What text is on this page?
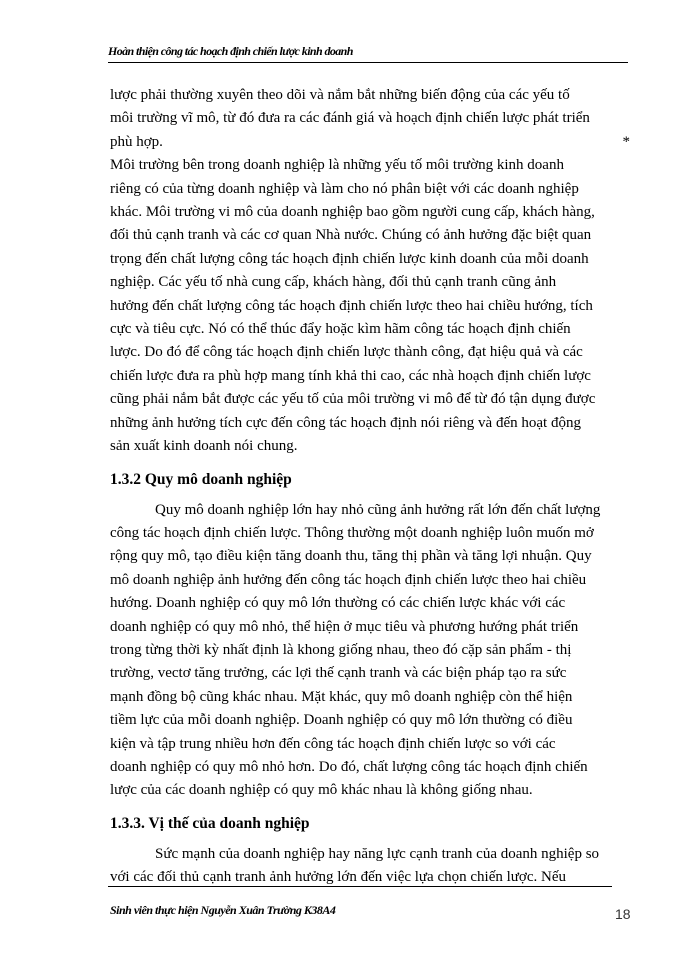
Hoàn thiện công tác hoạch định chiến lược kinh doanh
lược phải thường xuyên theo dõi và nắm bắt những biến động của các yếu tố
môi trường vĩ mô, từ đó đưa ra các đánh giá và hoạch định chiến lược phát triển
phù hợp.	*
Môi trường bên trong doanh nghiệp là những yếu tố môi trường kinh doanh
riêng có của từng doanh nghiệp và làm cho nó phân biệt với các doanh nghiệp
khác. Môi trường vi mô của doanh nghiệp bao gồm người cung cấp, khách hàng,
đối thủ cạnh tranh và các cơ quan Nhà nước. Chúng có ảnh hưởng đặc biệt quan
trọng đến chất lượng công tác hoạch định chiến lược kinh doanh của mỗi doanh
nghiệp. Các yếu tố nhà cung cấp, khách hàng, đối thủ cạnh tranh cũng ảnh
hưởng đến chất lượng công tác hoạch định chiến lược theo hai chiều hướng, tích
cực và tiêu cực. Nó có thể thúc đẩy hoặc kìm hãm công tác hoạch định chiến
lược. Do đó để công tác hoạch định chiến lược thành công, đạt hiệu quả và các
chiến lược đưa ra phù hợp mang tính khả thi cao, các nhà hoạch định chiến lược
cũng phải nắm bắt được các yếu tố của môi trường vi mô để từ đó tận dụng được
những ảnh hưởng tích cực đến công tác hoạch định nói riêng và đến hoạt động
sản xuất kinh doanh nói chung.
1.3.2 Quy mô doanh nghiệp
Quy mô doanh nghiệp lớn hay nhỏ cũng ảnh hưởng rất lớn đến chất lượng
công tác hoạch định chiến lược. Thông thường một doanh nghiệp luôn muốn mở
rộng quy mô, tạo điều kiện tăng doanh thu, tăng thị phần và tăng lợi nhuận. Quy
mô doanh nghiệp ảnh hưởng đến công tác hoạch định chiến lược theo hai chiều
hướng. Doanh nghiệp có quy mô lớn thường có các chiến lược khác với các
doanh nghiệp có quy mô nhỏ, thể hiện ở mục tiêu và phương hướng phát triển
trong từng thời kỳ nhất định là khong giống nhau, theo đó cặp sản phẩm - thị
trường, vectơ tăng trưởng, các lợi thế cạnh tranh và các biện pháp tạo ra sức
mạnh đồng bộ cũng khác nhau. Mặt khác, quy mô doanh nghiệp còn thể hiện
tiềm lực của mỗi doanh nghiệp. Doanh nghiệp có quy mô lớn thường có điều
kiện và tập trung nhiều hơn đến công tác hoạch định chiến lược so với các
doanh nghiệp có quy mô nhỏ hơn. Do đó, chất lượng công tác hoạch định chiến
lược của các doanh nghiệp có quy mô khác nhau là không giống nhau.
1.3.3. Vị thế của doanh nghiệp
Sức mạnh của doanh nghiệp hay năng lực cạnh tranh của doanh nghiệp so
với các đối thủ cạnh tranh ảnh hưởng lớn đến việc lựa chọn chiến lược. Nếu
Sinh viên thực hiện Nguyễn Xuân Trường K38A4	18
